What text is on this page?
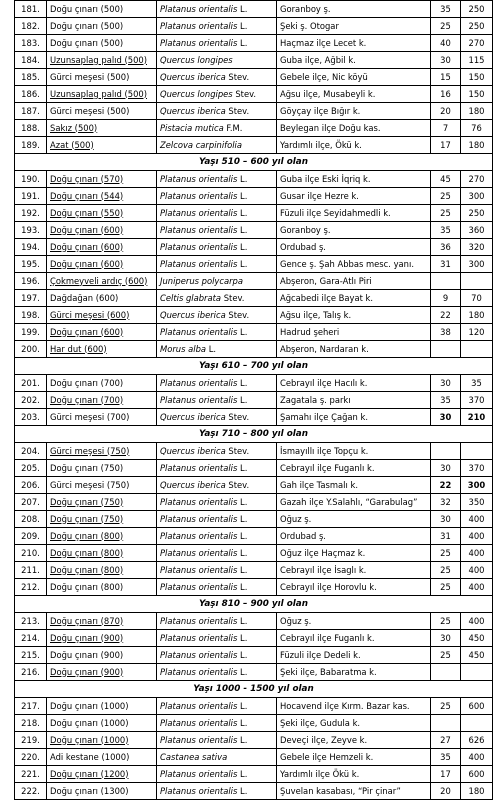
181.	Doğu çınarı (500)	Platanus orientalis L.	Goranboy ş.	35	250
182.	Doğu çınarı (500)	Platanus orientalis L.	Şeki ş. Otogar	25	250
183.	Doğu çınarı (500)	Platanus orientalis L.	Haçmaz ilçe Lecet k.	40	270
184.	Uzunsaplag palıd (500)	Quercus longipes	Guba ilçe, Ağbil k.	30	115
185.	Gürci meşesi (500)	Quercus iberica Stev.	Gebele ilçe, Nic köyü	15	150
186.	Uzunsaplag palıd (500)	Quercus longipes Stev.	Ağsu ilçe, Musabeyli k.	16	150
187.	Gürci meşesi (500)	Quercus iberica Stev.	Göyçay ilçe Bığır k.	20	180
188.	Sakız (500)	Pistacia mutica F.M.	Beylegan ilçe Doğu kas.	7	76
189.	Azat (500)	Zelcova carpinifolia	Yardımlı ilçe, Ökü k.	17	180
Yaşı 510 – 600 yıl olan					
190.	Doğu çınarı (570)	Platanus orientalis L.	Guba ilçe Eski İqriq k.	45	270
191.	Doğu çınarı (544)	Platanus orientalis L.	Gusar ilçe Hezre k.	25	300
192.	Doğu çınarı (550)	Platanus orientalis L.	Füzuli ilçe Seyidahmedli k.	25	250
193.	Doğu çınarı (600)	Platanus orientalis L.	Goranboy ş.	35	360
194.	Doğu çınarı (600)	Platanus orientalis L.	Ordubad ş.	36	320
195.	Doğu çınarı (600)	Platanus orientalis L.	Gence ş. Şah Abbas mesc. yanı.	31	300
196.	Çokmeyveli ardıç (600)	Juniperus polycarpa	Abşeron, Gara-Atlı Piri		
197.	Dağdağan (600)	Celtis glabrata Stev.	Ağcabedi ilçe Bayat k.	9	70
198.	Gürci meşesi (600)	Quercus iberica Stev.	Ağsu ilçe, Talış k.	22	180
199.	Doğu çınarı (600)	Platanus orientalis L.	Hadrud şeheri	38	120
200.	Har dut (600)	Morus alba L.	Abşeron, Nardaran k.		
Yaşı 610 – 700 yıl olan					
201.	Doğu çınarı (700)	Platanus orientalis L.	Cebrayıl ilçe Hacılı k.	30	35
202.	Doğu çınarı (700)	Platanus orientalis L.	Zagatala ş. parkı	35	370
203.	Gürci meşesi (700)	Quercus iberica Stev.	Şamahı ilçe Çağan k.	30	210
Yaşı 710 – 800 yıl olan					
204.	Gürci meşesi (750)	Quercus iberica Stev.	İsmayıllı ilçe Topçu k.		
205.	Doğu çınarı (750)	Platanus orientalis L.	Cebrayıl ilçe Fuganlı k.	30	370
206.	Gürci meşesi (750)	Quercus iberica Stev.	Gah ilçe Tasmalı k.	22	300
207.	Doğu çınarı (750)	Platanus orientalis L.	Gazah ilçe Y.Salahlı, “Garabulag”	32	350
208.	Doğu çınarı (750)	Platanus orientalis L.	Oğuz ş.	30	400
209.	Doğu çınarı (800)	Platanus orientalis L.	Ordubad ş.	31	400
210.	Doğu çınarı (800)	Platanus orientalis L.	Oğuz ilçe Haçmaz k.	25	400
211.	Doğu çınarı (800)	Platanus orientalis L.	Cebrayıl ilçe İsaglı k.	25	400
212.	Doğu çınarı (800)	Platanus orientalis L.	Cebrayıl ilçe Horovlu k.	25	400
Yaşı 810 – 900 yıl olan					
213.	Doğu çınarı (870)	Platanus orientalis L.	Oğuz ş.	25	400
214.	Doğu çınarı (900)	Platanus orientalis L.	Cebrayıl ilçe Fuganlı k.	30	450
215.	Doğu çınarı (900)	Platanus orientalis L.	Füzuli ilçe Dedeli k.	25	450
216.	Doğu çınarı (900)	Platanus orientalis L.	Şeki ilçe, Babaratma k.		
Yaşı 1000 - 1500 yıl olan					
217.	Doğu çınarı (1000)	Platanus orientalis L.	Hocavend ilçe Kırm. Bazar kas.	25	600
218.	Doğu çınarı (1000)	Platanus orientalis L.	Şeki ilçe, Gudula k.		
219.	Doğu çınarı (1000)	Platanus orientalis L.	Deveçi ilçe, Zeyve k.	27	626
220.	Adi kestane (1000)	Castanea sativa	Gebele ilçe Hemzeli k.	35	400
221.	Doğu çınarı (1200)	Platanus orientalis L.	Yardımlı ilçe Ökü k.	17	600
222.	Doğu çınarı (1300)	Platanus orientalis L.	Şuvelan kasabası, “Pir çinar”	20	180
